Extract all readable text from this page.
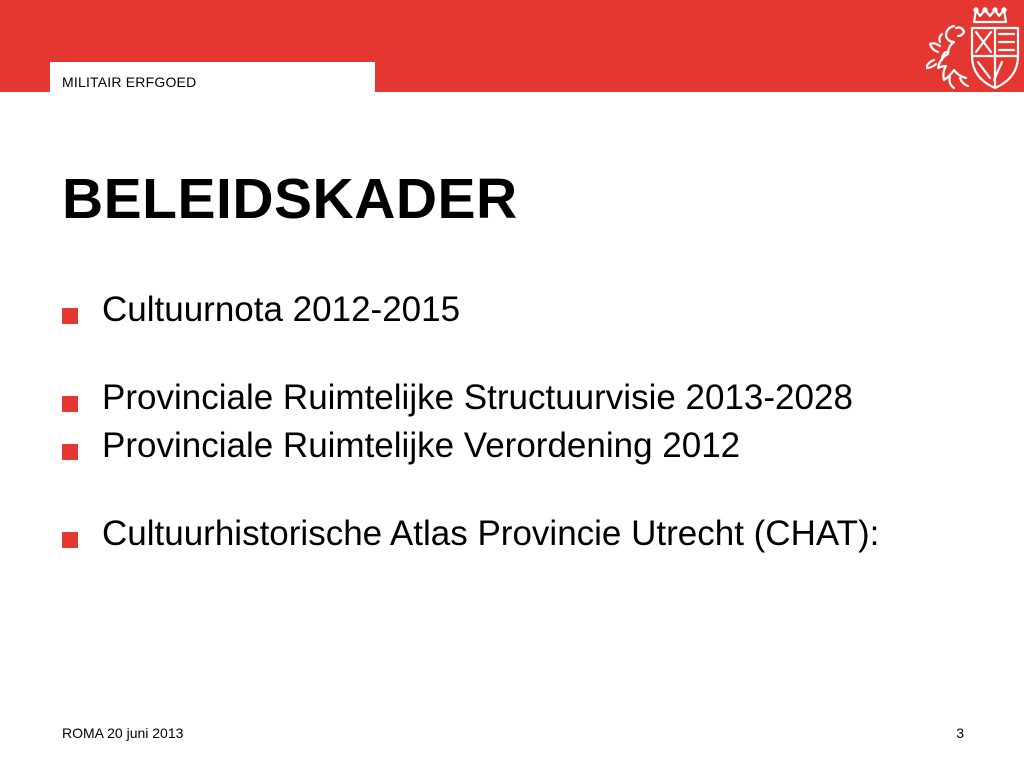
MILITAIR ERFGOED
BELEIDSKADER
Cultuurnota 2012-2015
Provinciale Ruimtelijke Structuurvisie 2013-2028
Provinciale Ruimtelijke Verordening 2012
Cultuurhistorische Atlas Provincie Utrecht (CHAT):
ROMA 20 juni 2013	3
